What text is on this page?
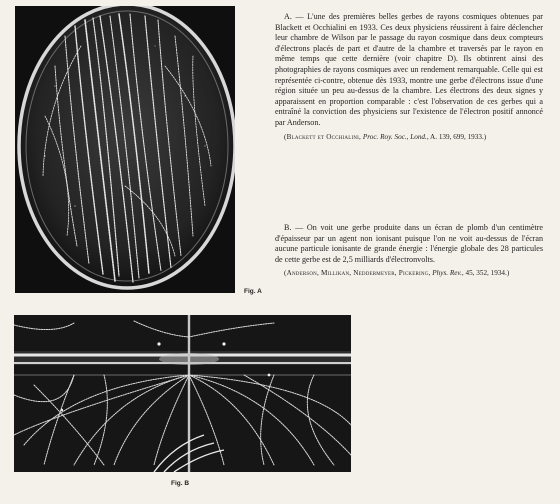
Fig. A
Fig. B

A. — L'une des premières belles gerbes de rayons cosmiques obtenues par Blackett et Occhialini en 1933. Ces deux physiciens réussirent à faire déclencher leur chambre de Wilson par le passage du rayon cosmique dans deux compteurs d'électrons placés de part et d'autre de la chambre et traversés par le rayon en même temps que cette dernière (voir chapitre D). Ils obtinrent ainsi des photographies de rayons cosmiques avec un rendement remarquable. Celle qui est représentée ci-contre, obtenue dès 1933, montre une gerbe d'électrons issue d'une région située un peu au-dessus de la chambre. Les électrons des deux signes y apparaissent en proportion comparable : c'est l'observation de ces gerbes qui a entraîné la conviction des physiciens sur l'existence de l'électron positif annoncé par Anderson.

(Blackett et Occhialini, Proc. Roy. Soc., Lond., A. 139, 699, 1933.)

B. — On voit une gerbe produite dans un écran de plomb d'un centimètre d'épaisseur par un agent non ionisant puisque l'on ne voit au-dessus de l'écran aucune particule ionisante de grande énergie : l'énergie globale des 28 particules de cette gerbe est de 2,5 milliards d'électronvolts.

(Anderson, Millikan, Neddermeyer, Pickering, Phys. Rev., 45, 352, 1934.)
